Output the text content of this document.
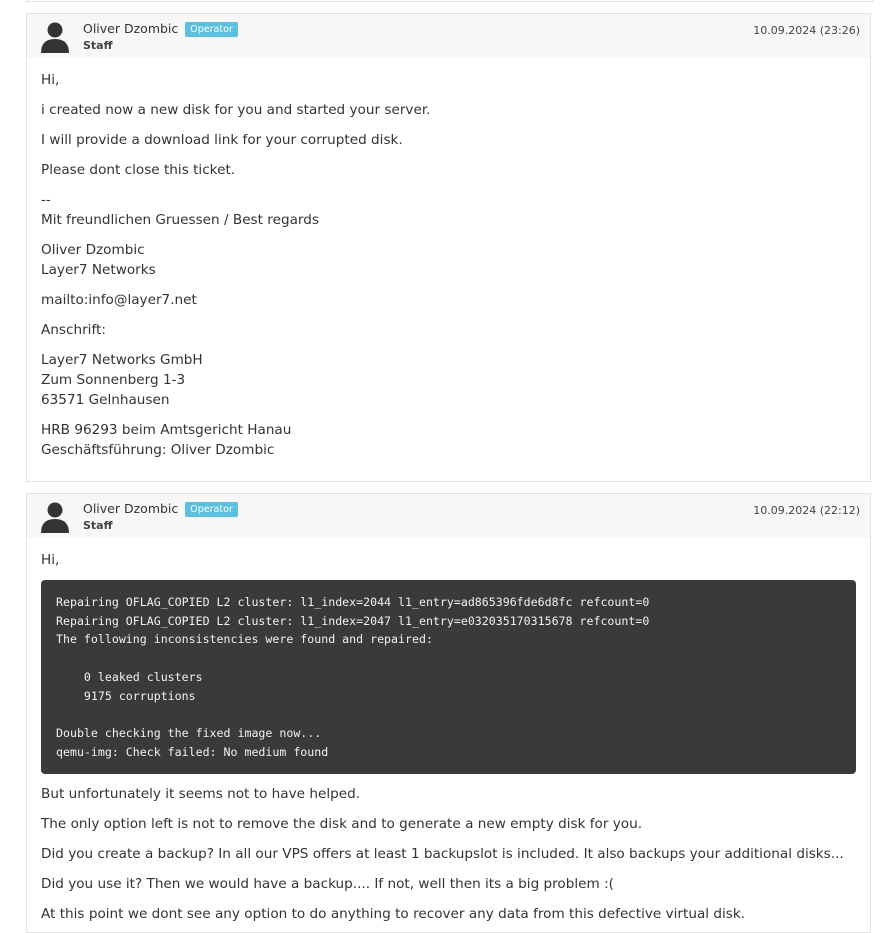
Oliver Dzombic Operator
Staff
10.09.2024 (23:26)

Hi,

i created now a new disk for you and started your server.

I will provide a download link for your corrupted disk.

Please dont close this ticket.

--
Mit freundlichen Gruessen / Best regards

Oliver Dzombic
Layer7 Networks

mailto:info@layer7.net

Anschrift:

Layer7 Networks GmbH
Zum Sonnenberg 1-3
63571 Gelnhausen

HRB 96293 beim Amtsgericht Hanau
Geschäftsführung: Oliver Dzombic

Oliver Dzombic Operator
Staff
10.09.2024 (22:12)

Hi,

Repairing OFLAG_COPIED L2 cluster: l1_index=2044 l1_entry=ad865396fde6d8fc refcount=0
Repairing OFLAG_COPIED L2 cluster: l1_index=2047 l1_entry=e032035170315678 refcount=0
The following inconsistencies were found and repaired:

0 leaked clusters
9175 corruptions

Double checking the fixed image now...
qemu-img: Check failed: No medium found

But unfortunately it seems not to have helped.

The only option left is not to remove the disk and to generate a new empty disk for you.

Did you create a backup? In all our VPS offers at least 1 backupslot is included. It also backups your additional disks...

Did you use it? Then we would have a backup.... If not, well then its a big problem :(

At this point we dont see any option to do anything to recover any data from this defective virtual disk.
